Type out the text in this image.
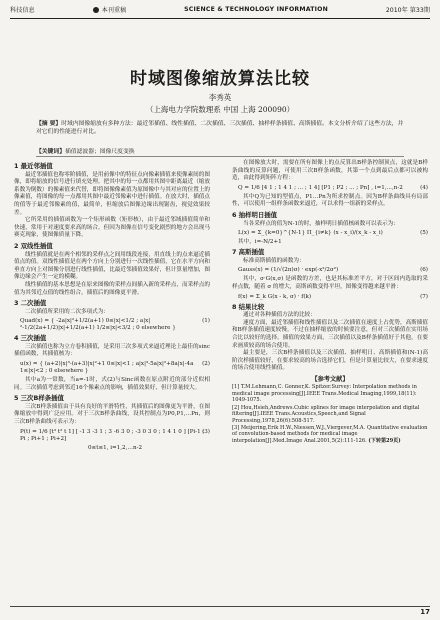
科技信息	本刊重稿	SCIENCE & TECHNOLOGY INFORMATION	2010年 第33期
时域图像缩放算法比较
李秀英
（上海电力学院数理系 中国 上海 200090）
【摘 要】时域内图像缩放有多种方法：最近邻插值、线性插值、二次插值、三次插值、抽样样条插值、高斯插值。本文分析介绍了这些方法，并对它们的性能进行对比。
【关键词】插值滤波器；图像尺度变换
1 最近邻插值

最近邻插值也称零阶插值，是用前像中的特征点向像素插值来使像素间的图像，即将缩放的信号进行填充处理。把其中的每一点都用其图中距离最近（缩放系数为倒数）的像素值来代替，即将图像像素值为原图像中与其对应的位置上的像素值，将图像的每一点都用其图中最近邻像素中进行插值。在放大时，插值点的值等于最近邻像素的值，最简单，但缩放后图像边缘出现锯齿，视觉效果较差。

它所采用的插值函数为一个矩形函数（矩形核），由于最近邻域插值简单和快速，常用于对速度要求高的场合。但因为图像在信号变化剧烈的地方会出现马赛克现象，使图像质量下降。

2 双线性插值

线性插值就是在两个相邻的采样点之间用线段连接，用直线上的点来逼近插值点的值。双线性插值是在两个方向上分别进行一次线性插值，它在水平方向和垂直方向上对图像分别进行线性插值，比最近邻插值效果好，但计算量增加，图像边缘会产生一定的模糊。

线性插值的基本思想是在原来图像的采样点间插入新的采样点，而采样点的值为其邻近点值的线性组合，插值后的图像更平滑。

3 二次插值

二次插值所采用的二次多项式为：

Quad(x) = { -2a|x|²+1/2(a+1) 0≤|x|<1/2 ; a|x|²-1/2(2a+1/2)|x|+1/2(a+1) 1/2≤|x|<3/2 ; 0 elsewhere }
(1)
4 三次插值

三次插值也称为立方卷积插值，是采用三次多项式来逼近理论上最佳的sinc插值函数，其插值核为：

u(x) = { (a+2)|x|³-(a+3)|x|²+1 0≤|x|<1 ; a|x|³-5a|x|²+8a|x|-4a 1≤|x|<2 ; 0 elsewhere }
(2)

其中a为一常数，当a=-1时，式(2)与Sinc函数在原点附近的部分近似相同。三次插值考虑到邻近16个像素点的影响，插值效果好，但计算量较大。

5 三次B样条插值

三次B样条插值由于具有良好的平滑特性，其插值后的图像更为平滑，在图像缩放中得到广泛应用。对于三次B样条曲线，设其控制点为P0,P1,…Pn，则三次B样条曲线可表示为：

P(t) = 1/6 [t³ t² t 1] [ -1 3 -3 1 ; 3 -6 3 0 ; -3 0 3 0 ; 1 4 1 0 ] [Pi-1 ; Pi ; Pi+1 ; Pi+2]
(3)
0≤t≤1, i=1,2,…n-2

在图像放大时，需要在所有图像上的点反算出B样条控制顶点，这就是B样条曲线的反算问题，可使用三次B样条函数，其第一个点到最后点都可以被构造，由此得到矩阵方程：

Q = 1/6 [4 1 ; 1 4 1 ; ... ; 1 4] [P1 ; P2 ; ... ; Pn] , i=1,...,n-2	(4)

其中Q为已知的型值点，P1…Pn为所求控制点。因为B样条曲线具有局部性，可以使用一组样条函数来逼近，可以求得一组新的采样点。

6 抽样明日插值

当各采样点的值为N-1的时，抽样明日插值核函数可以表示为：

L(x) = Σ_{k=0}^{N-1} Π_{i≠k} (x - x_i)/(x_k - x_i)	(5)
其中，i=-N/2+1
7 高斯插值

标准高斯插值的函数为：

Gauss(x) = (1/√(2π)σ) · exp(-x²/2σ²)	(6)

其中，σ·G(x,σ) 是函数的方差，也是其标准差平方，对于区间内选取的采样点数，随着 σ 的增大，高斯函数变得平坦，图像变得越来越平滑：

f(x) = Σ_k G(x - k, σ) · f(k)	(7)
8 结果比较

通过对各种插值方法的比较：

速度方面，最近邻插值和线性插值以及二次插值在速度上占优势，高斯插值和B样条插值速度较慢。不过在抽样缩放的时候要注意，但对三次插值在实用场合比以较好的选择。插值的效果方面，三次插值以及B样条插值好于其他，在要求画质较高的场合使用。

最主要是，三次B样条插值以及三次插值、抽样明日、高斯插值和(N-1)高阶次样插值较好，在要求较高的场合选择它们，但是计算量比较大，在要求速度的场合使用线性插值。

【参考文献】
[1] T.M.Lehmann,C. Gonner,K. Spitzer.Survey: Interpolation methods in medical image processing[J].IEEE Trans.Medical Imaging,1999,18(11): 1049-1075.
[2] Hou,Hsieh,Andrews.Cubic splines for image interpolation and digital filtering[J].IEEE Trans.Acoustics,Speech,and Signal Processing,1978,26(6):508-517.
[3] Meijering,Erik H.W.,Niessen,W.J.,Viergever,M.A. Quantitative evaluation of convolution-based methods for medical image interpolation[J].Med.Image Anal.2001,5(2):111-126. (下转第29页)
17
